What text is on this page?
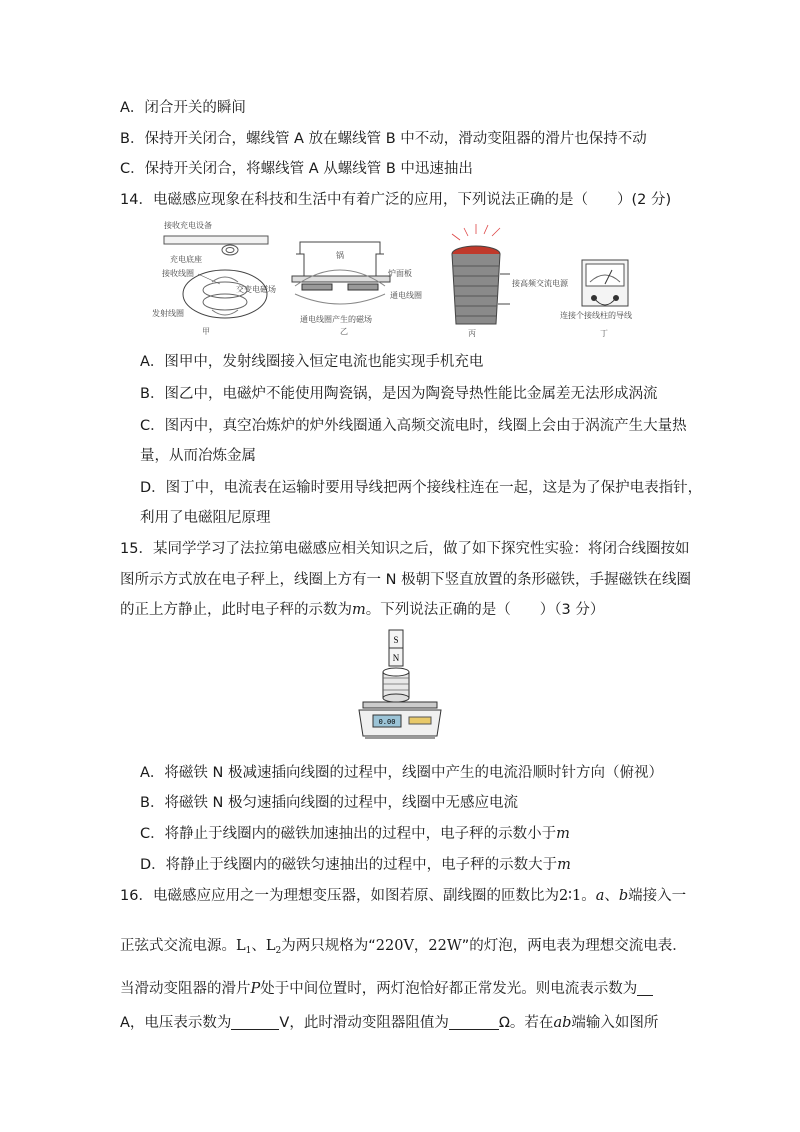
A．闭合开关的瞬间
B．保持开关闭合，螺线管 A 放在螺线管 B 中不动，滑动变阻器的滑片也保持不动
C．保持开关闭合，将螺线管 A 从螺线管 B 中迅速抽出
14．电磁感应现象在科技和生活中有着广泛的应用，下列说法正确的是（　　）(2 分)
接收充电设备
充电底座
接收线圈
交变电磁场
发射线圈
甲
锅
炉面板
通电线圈
通电线圈产生的磁场
乙
接高频交流电源
丙
连接个接线柱的导线
丁
A．图甲中，发射线圈接入恒定电流也能实现手机充电
B．图乙中，电磁炉不能使用陶瓷锅，是因为陶瓷导热性能比金属差无法形成涡流
C．图丙中，真空冶炼炉的炉外线圈通入高频交流电时，线圈上会由于涡流产生大量热
量，从而冶炼金属
D．图丁中，电流表在运输时要用导线把两个接线柱连在一起，这是为了保护电表指针，
利用了电磁阻尼原理
15．某同学学习了法拉第电磁感应相关知识之后，做了如下探究性实验：将闭合线圈按如
图所示方式放在电子秤上，线圈上方有一 N 极朝下竖直放置的条形磁铁，手握磁铁在线圈
的正上方静止，此时电子秤的示数为m。下列说法正确的是（　　）（3 分）
S
N
0.00
A．将磁铁 N 极减速插向线圈的过程中，线圈中产生的电流沿顺时针方向（俯视）
B．将磁铁 N 极匀速插向线圈的过程中，线圈中无感应电流
C．将静止于线圈内的磁铁加速抽出的过程中，电子秤的示数小于m
D．将静止于线圈内的磁铁匀速抽出的过程中，电子秤的示数大于m
16．电磁感应应用之一为理想变压器，如图若原、副线圈的匝数比为2∶1。a、b端接入一
正弦式交流电源。$L_1$、$L_2$为两只规格为“220V，22W”的灯泡，两电表为理想交流电表．
当滑动变阻器的滑片P处于中间位置时，两灯泡恰好都正常发光。则电流表示数为
A，电压表示数为	V，此时滑动变阻器阻值为	Ω。若在ab端输入如图所
